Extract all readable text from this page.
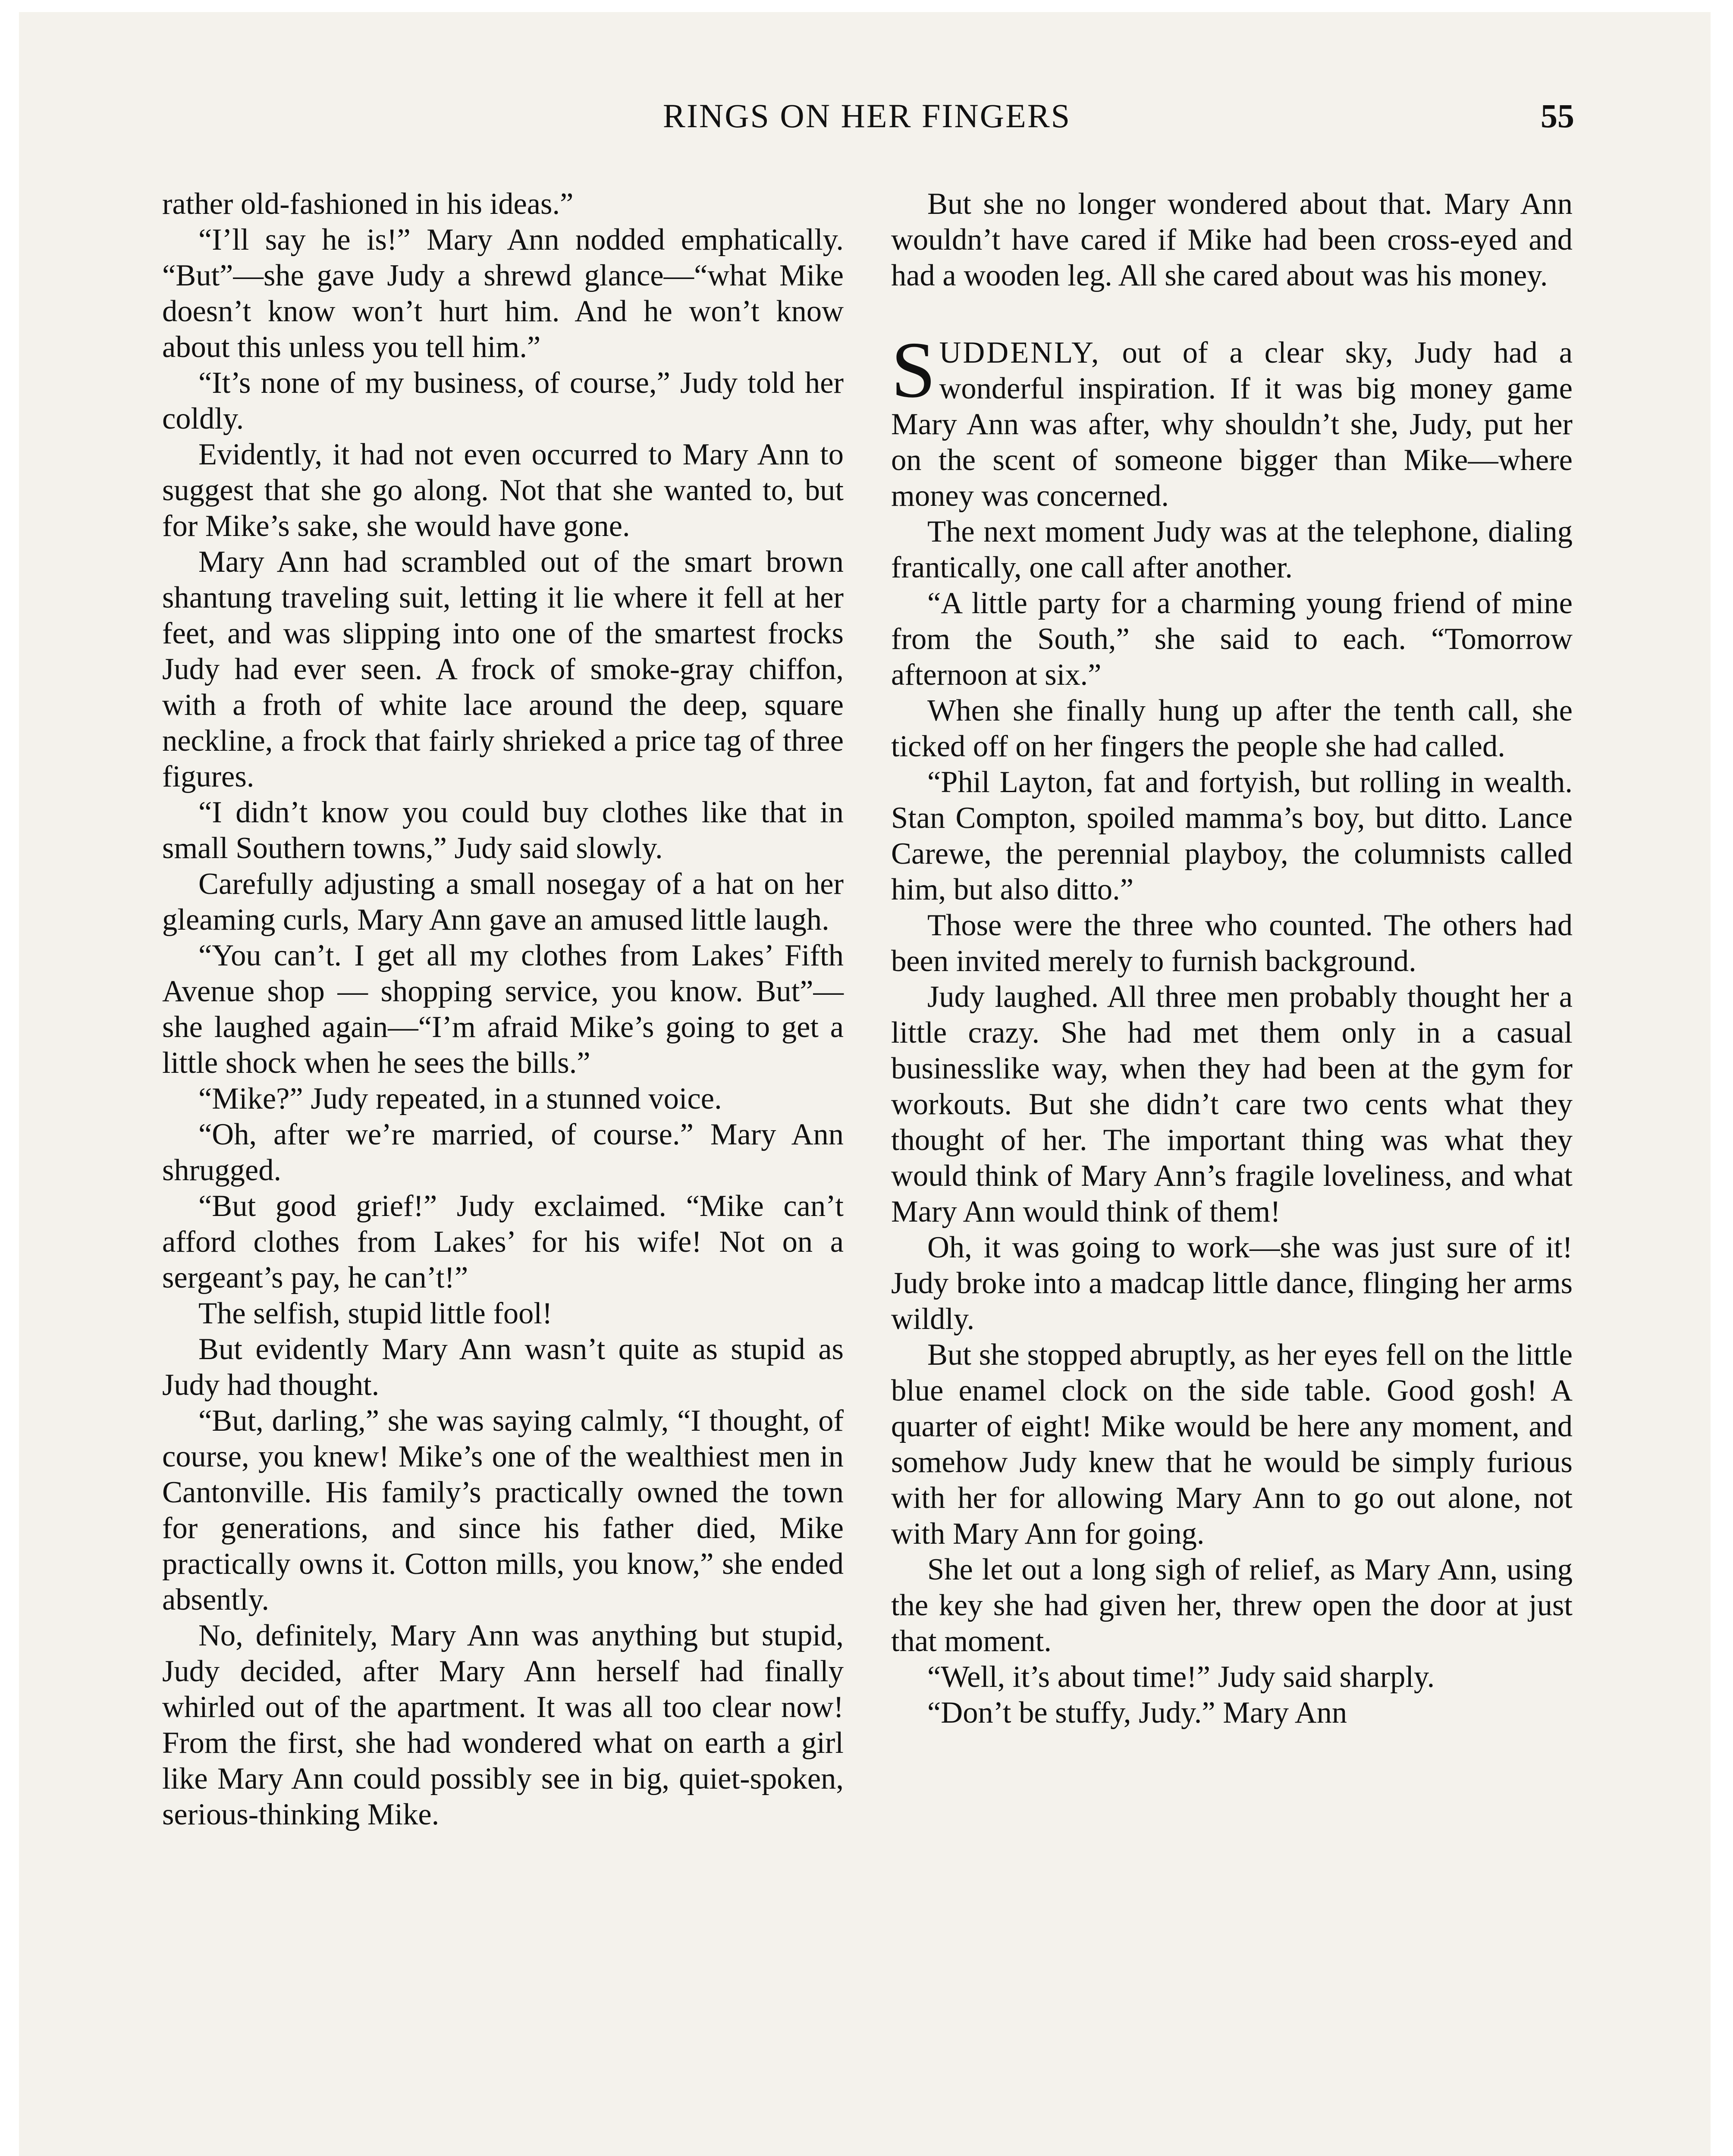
RINGS ON HER FINGERS	55

rather old-fashioned in his ideas.”

“I’ll say he is!” Mary Ann nodded emphatically. “But”—she gave Judy a shrewd glance—“what Mike doesn’t know won’t hurt him. And he won’t know about this unless you tell him.”

“It’s none of my business, of course,” Judy told her coldly.

Evidently, it had not even occurred to Mary Ann to suggest that she go along. Not that she wanted to, but for Mike’s sake, she would have gone.

Mary Ann had scrambled out of the smart brown shantung traveling suit, letting it lie where it fell at her feet, and was slipping into one of the smartest frocks Judy had ever seen. A frock of smoke-gray chiffon, with a froth of white lace around the deep, square neckline, a frock that fairly shrieked a price tag of three figures.

“I didn’t know you could buy clothes like that in small Southern towns,” Judy said slowly.

Carefully adjusting a small nosegay of a hat on her gleaming curls, Mary Ann gave an amused little laugh.

“You can’t. I get all my clothes from Lakes’ Fifth Avenue shop — shopping service, you know. But”—she laughed again—“I’m afraid Mike’s going to get a little shock when he sees the bills.”

“Mike?” Judy repeated, in a stunned voice.

“Oh, after we’re married, of course.” Mary Ann shrugged.

“But good grief!” Judy exclaimed. “Mike can’t afford clothes from Lakes’ for his wife! Not on a sergeant’s pay, he can’t!”

The selfish, stupid little fool!

But evidently Mary Ann wasn’t quite as stupid as Judy had thought.

“But, darling,” she was saying calmly, “I thought, of course, you knew! Mike’s one of the wealthiest men in Cantonville. His family’s practically owned the town for generations, and since his father died, Mike practically owns it. Cotton mills, you know,” she ended absently.

No, definitely, Mary Ann was anything but stupid, Judy decided, after Mary Ann herself had finally whirled out of the apartment. It was all too clear now! From the first, she had wondered what on earth a girl like Mary Ann could possibly see in big, quiet-spoken, serious-thinking Mike.

But she no longer wondered about that. Mary Ann wouldn’t have cared if Mike had been cross-eyed and had a wooden leg. All she cared about was his money.

SUDDENLY, out of a clear sky, Judy had a wonderful inspiration. If it was big money game Mary Ann was after, why shouldn’t she, Judy, put her on the scent of someone bigger than Mike—where money was concerned.

The next moment Judy was at the telephone, dialing frantically, one call after another.

“A little party for a charming young friend of mine from the South,” she said to each. “Tomorrow afternoon at six.”

When she finally hung up after the tenth call, she ticked off on her fingers the people she had called.

“Phil Layton, fat and fortyish, but rolling in wealth. Stan Compton, spoiled mamma’s boy, but ditto. Lance Carewe, the perennial playboy, the columnists called him, but also ditto.”

Those were the three who counted. The others had been invited merely to furnish background.

Judy laughed. All three men probably thought her a little crazy. She had met them only in a casual businesslike way, when they had been at the gym for workouts. But she didn’t care two cents what they thought of her. The important thing was what they would think of Mary Ann’s fragile loveliness, and what Mary Ann would think of them!

Oh, it was going to work—she was just sure of it! Judy broke into a madcap little dance, flinging her arms wildly.

But she stopped abruptly, as her eyes fell on the little blue enamel clock on the side table. Good gosh! A quarter of eight! Mike would be here any moment, and somehow Judy knew that he would be simply furious with her for allowing Mary Ann to go out alone, not with Mary Ann for going.

She let out a long sigh of relief, as Mary Ann, using the key she had given her, threw open the door at just that moment.

“Well, it’s about time!” Judy said sharply.

“Don’t be stuffy, Judy.” Mary Ann
